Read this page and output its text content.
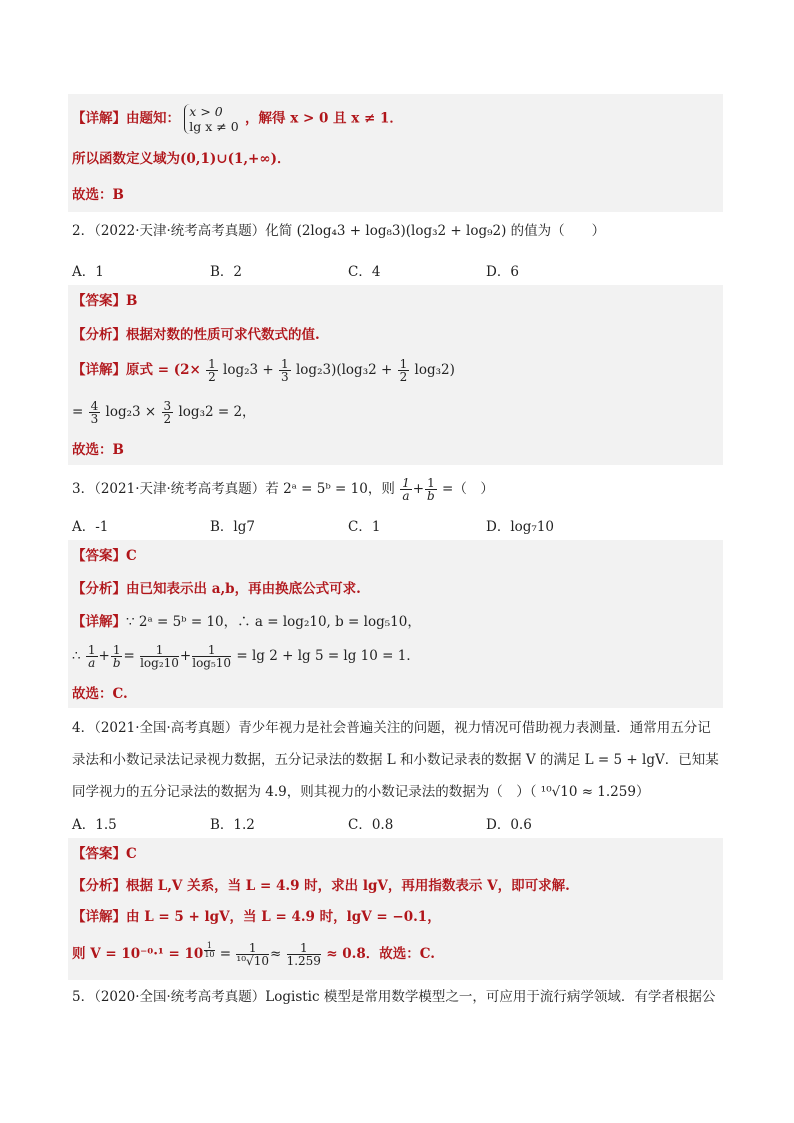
【详解】由题知： x > 0
lg x ≠ 0 ，解得 x > 0 且 x ≠ 1．
所以函数定义域为(0,1)∪(1,+∞)．
故选：B
2．（2022·天津·统考高考真题）化简 (2log₄3 + log₈3)(log₃2 + log₉2) 的值为（　　）
A．1	B．2	C．4	D．6
【答案】B
【分析】根据对数的性质可求代数式的值.
【详解】原式 = $(2\times \frac{1}{2} \log_23 + \frac{1}{3} \log_23)(\log_32 + \frac{1}{2} \log_32)$
= $\frac{4}{3} \log_23 \times \frac{3}{2} \log_32 = 2$，
故选：B
3．（2021·天津·统考高考真题）若 2ᵃ = 5ᵇ = 10，则 $\frac{1}{a} + \frac{1}{b}$ =（　）
A．-1	B．lg7	C．1	D．log₇10
【答案】C
【分析】由已知表示出 a,b，再由换底公式可求.
【详解】∵ 2ᵃ = 5ᵇ = 10，∴ a = log₂10, b = log₅10，
∴ $\frac{1}{a} + \frac{1}{b} = \frac{1}{\text{log₂10}} + \frac{1}{\text{log₅10}} = \lg 2 + \lg 5 = \lg 10 = 1$．
故选：C.
4．（2021·全国·高考真题）青少年视力是社会普遍关注的问题，视力情况可借助视力表测量．通常用五分记
录法和小数记录法记录视力数据，五分记录法的数据 L 和小数记录表的数据 V 的满足 L = 5 + lgV．已知某
同学视力的五分记录法的数据为 4.9，则其视力的小数记录法的数据为（　）（ ¹⁰√10 ≈ 1.259）
A．1.5	B．1.2	C．0.8	D．0.6
【答案】C
【分析】根据 L,V 关系，当 L = 4.9 时，求出 lgV，再用指数表示 V，即可求解.
【详解】由 L = 5 + lgV，当 L = 4.9 时，lgV = −0.1，
则 V = 10⁻⁰·¹ = 10 $^{\frac{1}{10}} = \frac{1}{\text{¹⁰√10}} \approx \frac{1}{1.259} \approx 0.8$．故选：C.
5．（2020·全国·统考高考真题）Logistic 模型是常用数学模型之一，可应用于流行病学领域．有学者根据公
